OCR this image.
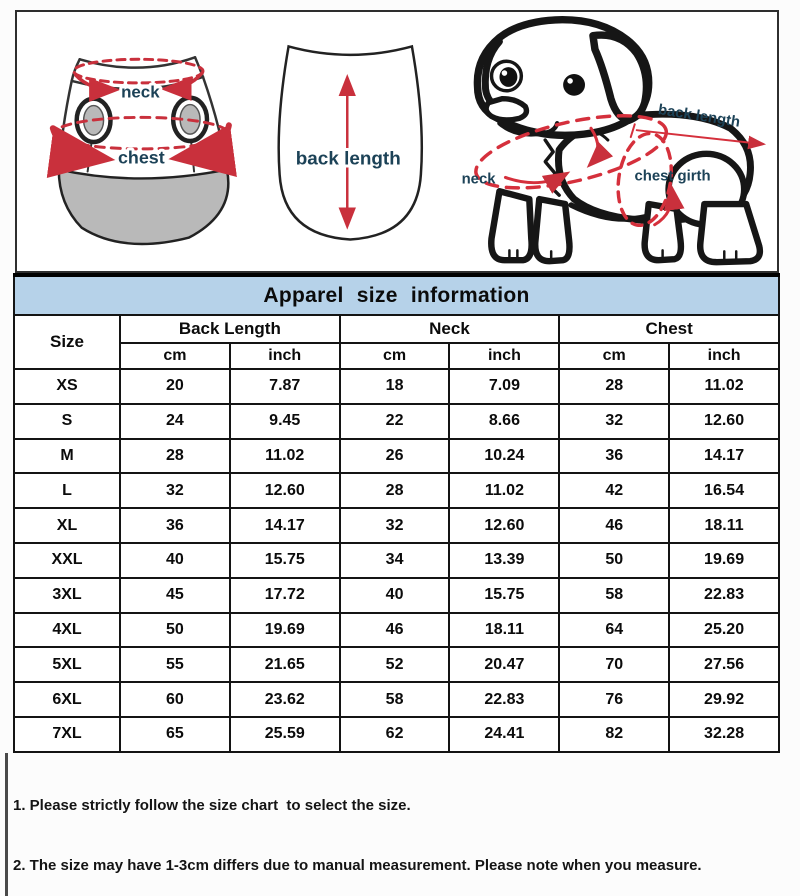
neck
chest	back length
neck
back length
chest girth
Apparel size information						
Size	Back Length		Neck		Chest	
	cm	inch	cm	inch	cm	inch
XS	20	7.87	18	7.09	28	11.02
S	24	9.45	22	8.66	32	12.60
M	28	11.02	26	10.24	36	14.17
L	32	12.60	28	11.02	42	16.54
XL	36	14.17	32	12.60	46	18.11
XXL	40	15.75	34	13.39	50	19.69
3XL	45	17.72	40	15.75	58	22.83
4XL	50	19.69	46	18.11	64	25.20
5XL	55	21.65	52	20.47	70	27.56
6XL	60	23.62	58	22.83	76	29.92
7XL	65	25.59	62	24.41	82	32.28

1. Please strictly follow the size chart  to select the size.

2. The size may have 1-3cm differs due to manual measurement. Please note when you measure.
